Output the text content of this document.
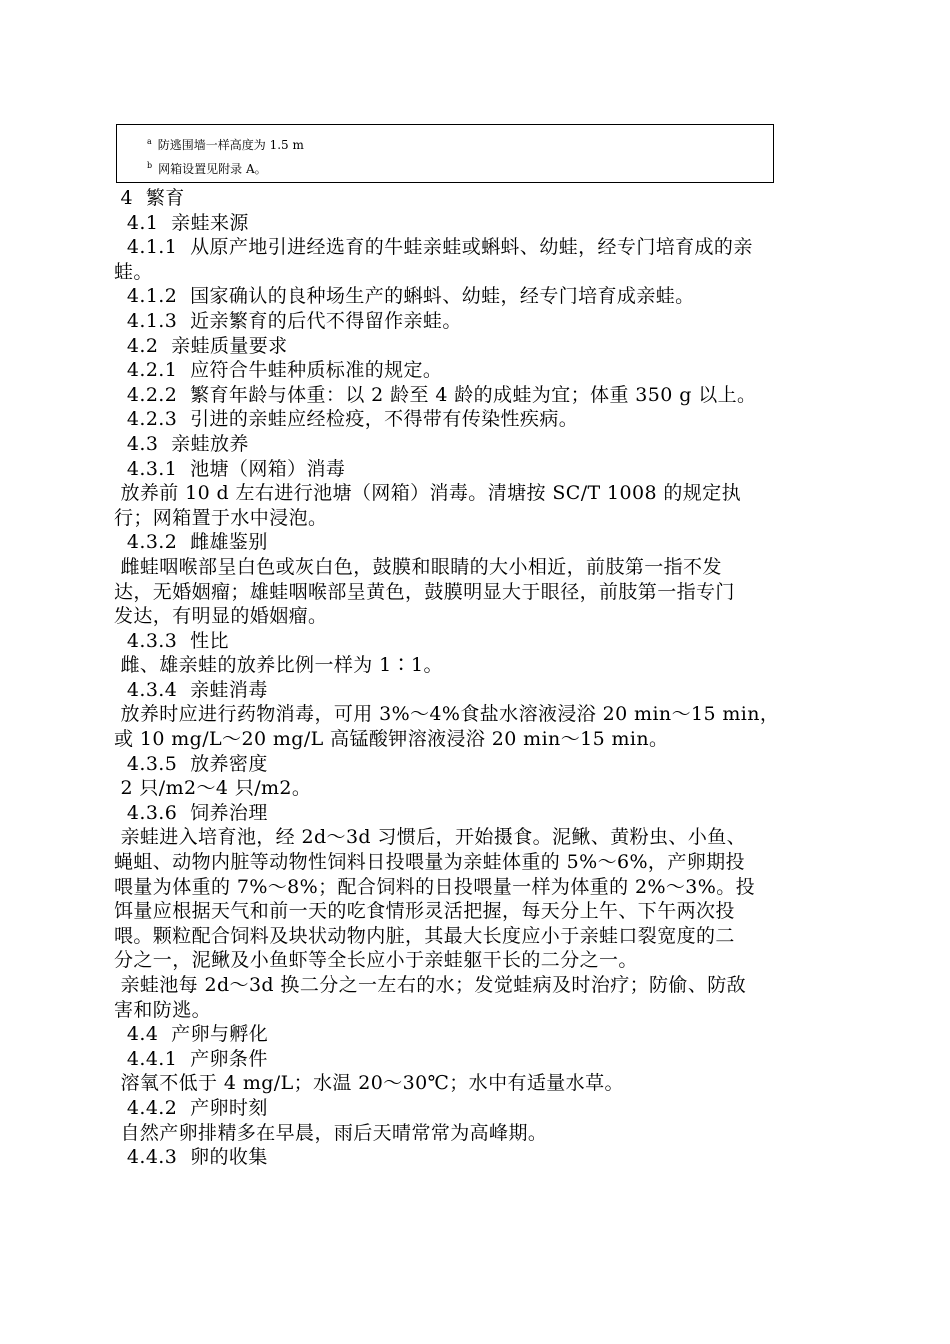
$^a$ 防逃围墙一样高度为 1.5 m
$^b$ 网箱设置见附录 A。

4  繁育

4.1  亲蛙来源

4.1.1  从原产地引进经选育的牛蛙亲蛙或蝌蚪、幼蛙，经专门培育成的亲

蛙。

4.1.2  国家确认的良种场生产的蝌蚪、幼蛙，经专门培育成亲蛙。

4.1.3  近亲繁育的后代不得留作亲蛙。

4.2  亲蛙质量要求

4.2.1  应符合牛蛙种质标准的规定。

4.2.2  繁育年龄与体重：以 2 龄至 4 龄的成蛙为宜；体重 350 g 以上。

4.2.3  引进的亲蛙应经检疫，不得带有传染性疾病。

4.3  亲蛙放养

4.3.1  池塘（网箱）消毒

放养前 10 d 左右进行池塘（网箱）消毒。清塘按 SC/T 1008 的规定执

行；网箱置于水中浸泡。

4.3.2  雌雄鉴别

雌蛙咽喉部呈白色或灰白色，鼓膜和眼睛的大小相近，前肢第一指不发

达，无婚姻瘤；雄蛙咽喉部呈黄色，鼓膜明显大于眼径，前肢第一指专门

发达，有明显的婚姻瘤。

4.3.3  性比

雌、雄亲蛙的放养比例一样为 1∶1。

4.3.4  亲蛙消毒

放养时应进行药物消毒，可用 3%～4%食盐水溶液浸浴 20 min～15 min，

或 10 mg/L～20 mg/L 高锰酸钾溶液浸浴 20 min～15 min。

4.3.5  放养密度

2 只/m2～4 只/m2。

4.3.6  饲养治理

亲蛙进入培育池，经 2d～3d 习惯后，开始摄食。泥鳅、黄粉虫、小鱼、

蝇蛆、动物内脏等动物性饲料日投喂量为亲蛙体重的 5%～6%，产卵期投

喂量为体重的 7%～8%；配合饲料的日投喂量一样为体重的 2%～3%。投

饵量应根据天气和前一天的吃食情形灵活把握，每天分上午、下午两次投

喂。颗粒配合饲料及块状动物内脏，其最大长度应小于亲蛙口裂宽度的二

分之一，泥鳅及小鱼虾等全长应小于亲蛙躯干长的二分之一。

亲蛙池每 2d～3d 换二分之一左右的水；发觉蛙病及时治疗；防偷、防敌

害和防逃。

4.4  产卵与孵化

4.4.1  产卵条件

溶氧不低于 4 mg/L；水温 20～30℃；水中有适量水草。

4.4.2  产卵时刻

自然产卵排精多在早晨，雨后天晴常常为高峰期。

4.4.3  卵的收集
